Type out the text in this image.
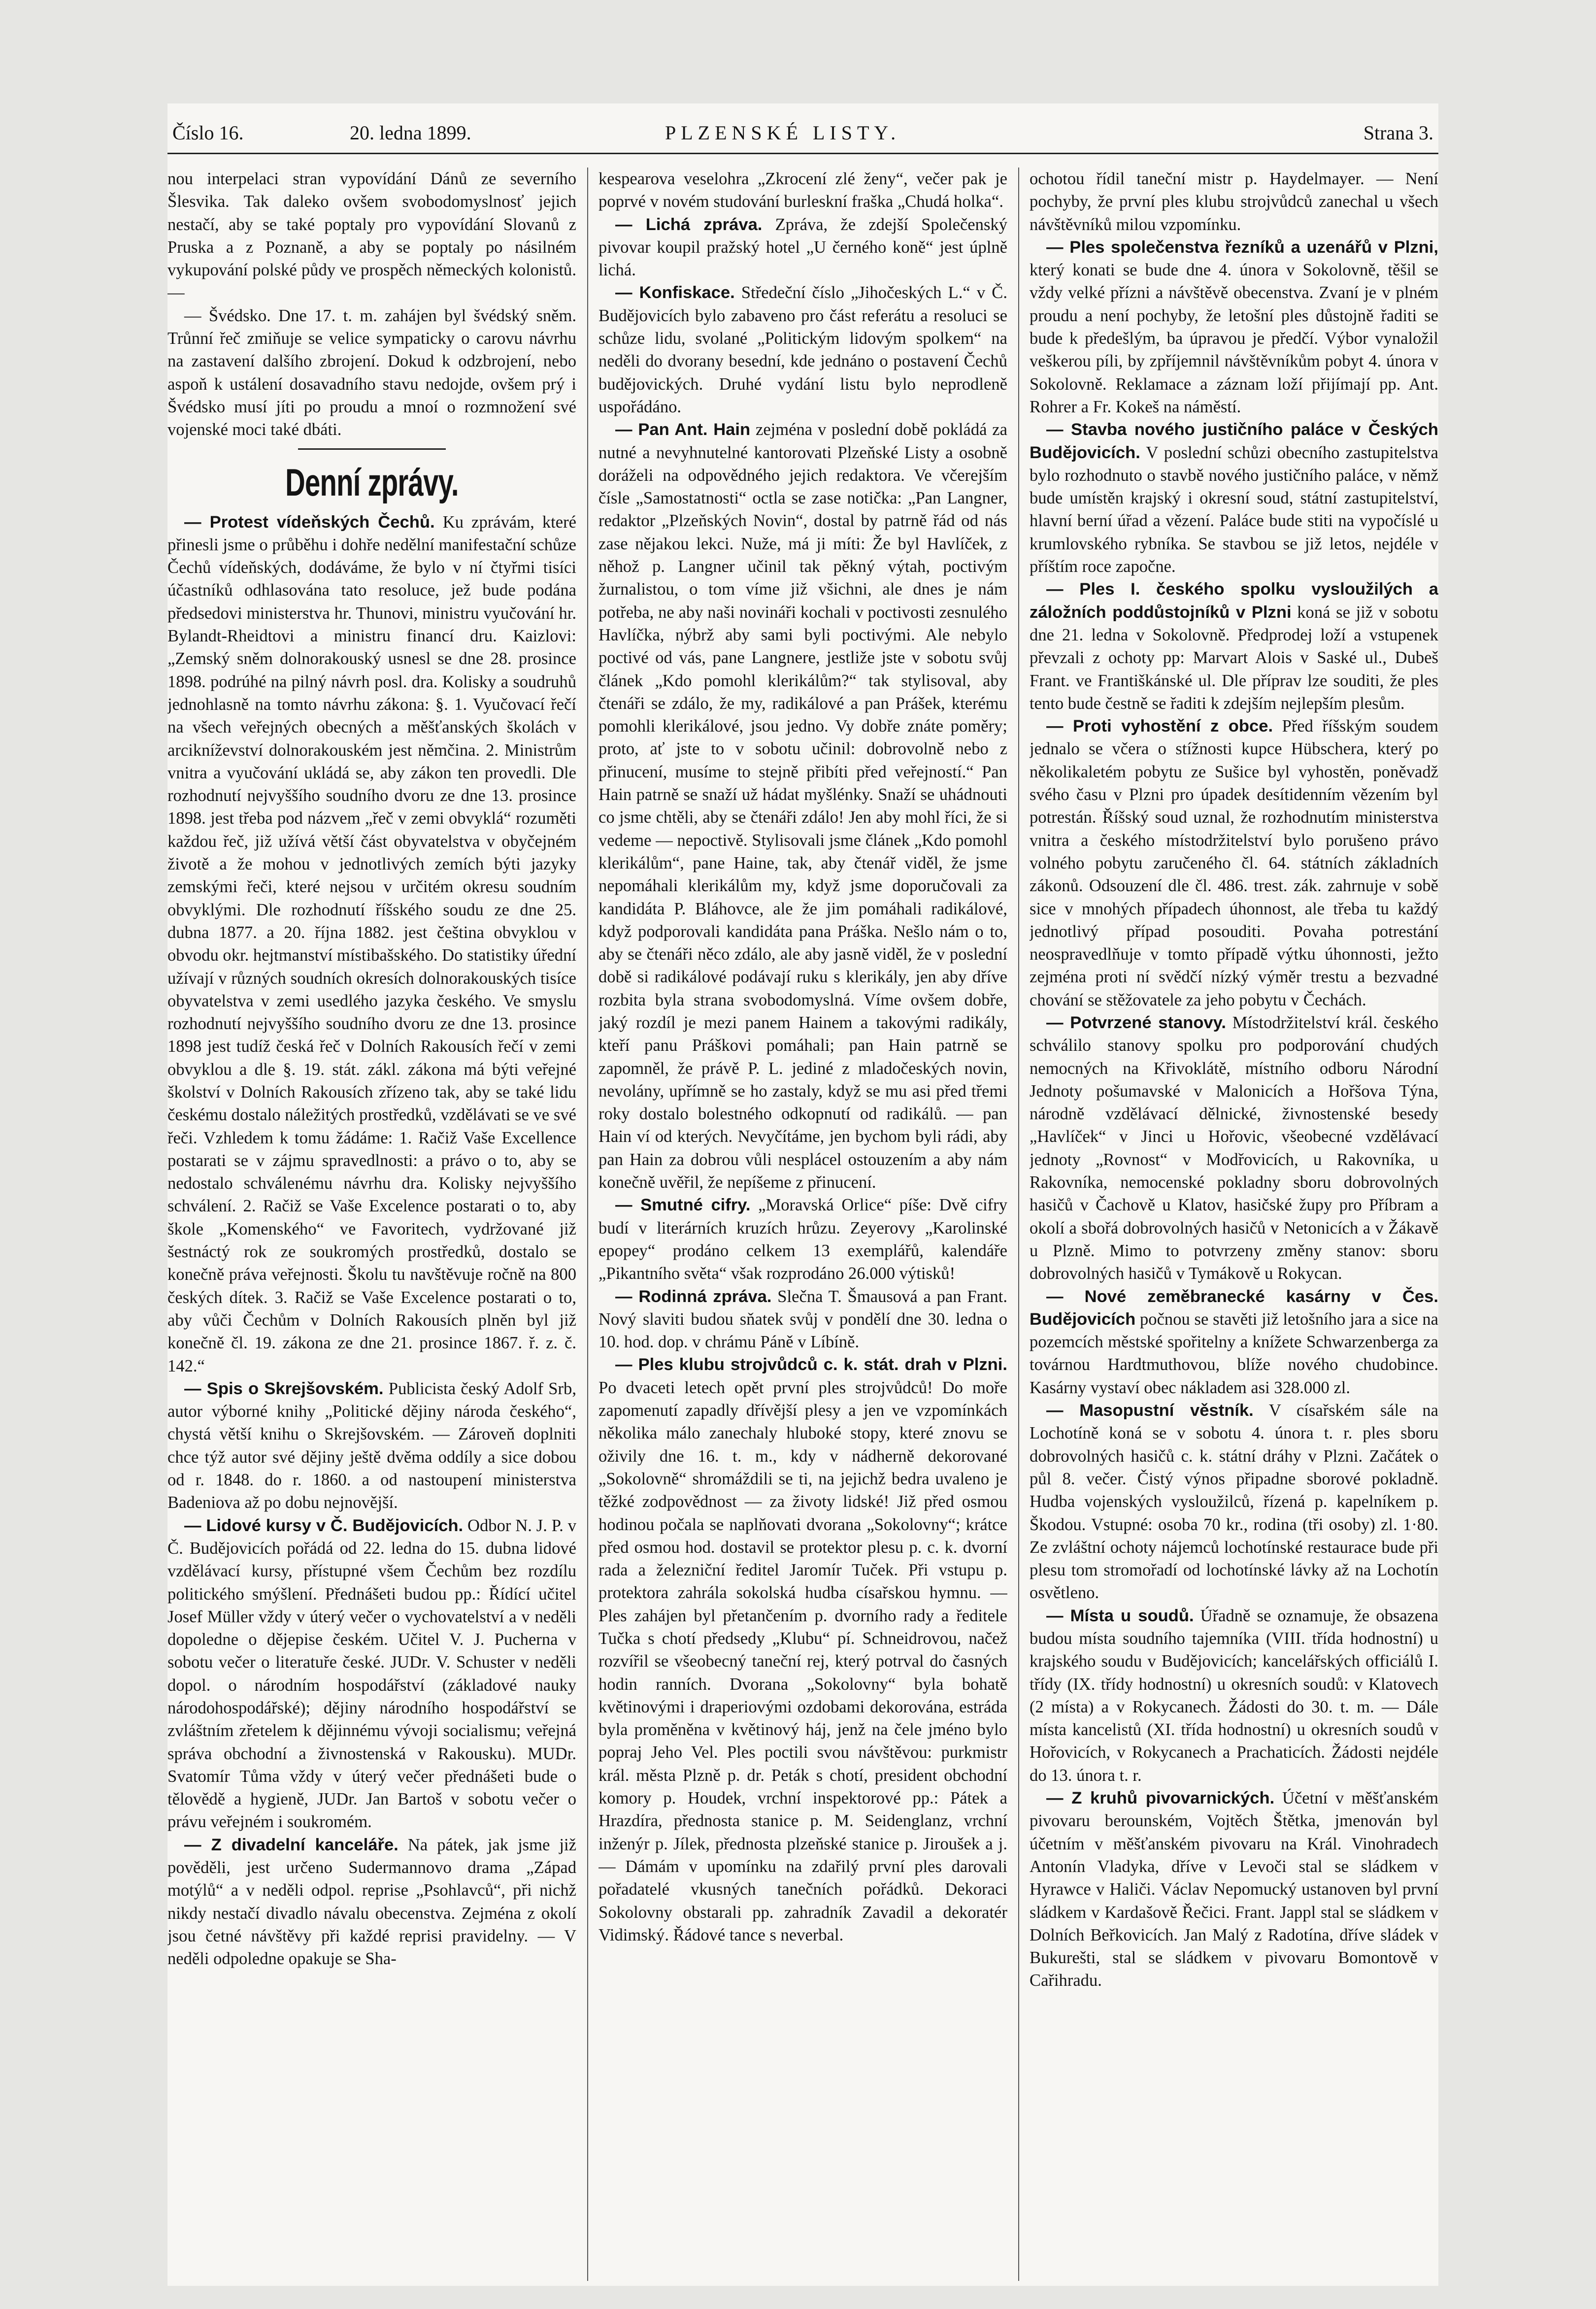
Číslo 16.	20. ledna 1899.	PLZENSKÉ LISTY.	Strana 3.

nou interpelaci stran vypovídání Dánů ze severního Šlesvika. Tak daleko ovšem svobodomyslnosť jejich nestačí, aby se také poptaly pro vypovídání Slovanů z Pruska a z Poznaně, a aby se poptaly po násilném vykupování polské půdy ve prospěch německých kolonistů. —

— Švédsko. Dne 17. t. m. zahájen byl švédský sněm. Trůnní řeč zmiňuje se velice sympaticky o carovu návrhu na zastavení dalšího zbrojení. Dokud k odzbrojení, nebo aspoň k ustálení dosavadního stavu nedojde, ovšem prý i Švédsko musí jíti po proudu a mnoí o rozmnožení své vojenské moci také dbáti.

Denní zprávy.

— Protest vídeňských Čechů. Ku zprávám, které přinesli jsme o průběhu i dohře nedělní manifestační schůze Čechů vídeňských, dodáváme, že bylo v ní čtyřmi tisíci účastníků odhlasována tato resoluce, jež bude podána předsedovi ministerstva hr. Thunovi, ministru vyučování hr. Bylandt-Rheidtovi a ministru financí dru. Kaizlovi: „Zemský sněm dolnorakouský usnesl se dne 28. prosince 1898. podrúhé na pilný návrh posl. dra. Kolisky a soudruhů jednohlasně na tomto návrhu zákona: §. 1. Vyučovací řečí na všech veřejných obecných a měšťanských školách v arcikníževství dolnorakouském jest němčina. 2. Ministrům vnitra a vyučování ukládá se, aby zákon ten provedli. Dle rozhodnutí nejvyššího soudního dvoru ze dne 13. prosince 1898. jest třeba pod názvem „řeč v zemi obvyklá“ rozuměti každou řeč, již užívá větší část obyvatelstva v obyčejném životě a že mohou v jednotlivých zemích býti jazyky zemskými řeči, které nejsou v určitém okresu soudním obvyklými. Dle rozhodnutí říšského soudu ze dne 25. dubna 1877. a 20. října 1882. jest čeština obvyklou v obvodu okr. hejtmanství místibašského. Do statistiky úřední užívají v různých soudních okresích dolnorakouských tisíce obyvatelstva v zemi usedlého jazyka českého. Ve smyslu rozhodnutí nejvyššího soudního dvoru ze dne 13. prosince 1898 jest tudíž česká řeč v Dolních Rakousích řečí v zemi obvyklou a dle §. 19. stát. zákl. zákona má býti veřejné školství v Dolních Rakousích zřízeno tak, aby se také lidu českému dostalo náležitých prostředků, vzdělávati se ve své řeči. Vzhledem k tomu žádáme: 1. Račiž Vaše Excellence postarati se v zájmu spravedlnosti: a právo o to, aby se nedostalo schválenému návrhu dra. Kolisky nejvyššího schválení. 2. Račiž se Vaše Excelence postarati o to, aby škole „Komenského“ ve Favoritech, vydržované již šestnáctý rok ze soukromých prostředků, dostalo se konečně práva veřejnosti. Školu tu navštěvuje ročně na 800 českých dítek. 3. Račiž se Vaše Excelence postarati o to, aby vůči Čechům v Dolních Rakousích plněn byl již konečně čl. 19. zákona ze dne 21. prosince 1867. ř. z. č. 142.“

— Spis o Skrejšovském. Publicista český Adolf Srb, autor výborné knihy „Politické dějiny národa českého“, chystá větší knihu o Skrejšovském. — Zároveň doplniti chce týž autor své dějiny ještě dvěma oddíly a sice dobou od r. 1848. do r. 1860. a od nastoupení ministerstva Badeniova až po dobu nejnovější.

— Lidové kursy v Č. Budějovicích. Odbor N. J. P. v Č. Budějovicích pořádá od 22. ledna do 15. dubna lidové vzdělávací kursy, přístupné všem Čechům bez rozdílu politického smýšlení. Přednášeti budou pp.: Řídící učitel Josef Müller vždy v úterý večer o vychovatelství a v neděli dopoledne o dějepise českém. Učitel V. J. Pucherna v sobotu večer o literatuře české. JUDr. V. Schuster v neděli dopol. o národním hospodářství (základové nauky národohospodářské); dějiny národního hospodářství se zvláštním zřetelem k dějinnému vývoji socialismu; veřejná správa obchodní a živnostenská v Rakousku). MUDr. Svatomír Tůma vždy v úterý večer přednášeti bude o tělovědě a hygieně, JUDr. Jan Bartoš v sobotu večer o právu veřejném i soukromém.

— Z divadelní kanceláře. Na pátek, jak jsme již pověděli, jest určeno Sudermannovo drama „Západ motýlů“ a v neděli odpol. reprise „Psohlavců“, při nichž nikdy nestačí divadlo návalu obecenstva. Zejména z okolí jsou četné návštěvy při každé reprisi pravidelny. — V neděli odpoledne opakuje se Sha-

kespearova veselohra „Zkrocení zlé ženy“, večer pak je poprvé v novém studování burleskní fraška „Chudá holka“.

— Lichá zpráva. Zpráva, že zdejší Společenský pivovar koupil pražský hotel „U černého koně“ jest úplně lichá.

— Konfiskace. Středeční číslo „Jihočeských L.“ v Č. Budějovicích bylo zabaveno pro část referátu a resoluci se schůze lidu, svolané „Politickým lidovým spolkem“ na neděli do dvorany besední, kde jednáno o postavení Čechů budějovických. Druhé vydání listu bylo neprodleně uspořádáno.

— Pan Ant. Hain zejména v poslední době pokládá za nutné a nevyhnutelné kantorovati Plzeňské Listy a osobně doráželi na odpovědného jejich redaktora. Ve včerejším čísle „Samostatnosti“ octla se zase notička: „Pan Langner, redaktor „Plzeňských Novin“, dostal by patrně řád od nás zase nějakou lekci. Nuže, má ji míti: Že byl Havlíček, z něhož p. Langner učinil tak pěkný výtah, poctivým žurnalistou, o tom víme již všichni, ale dnes je nám potřeba, ne aby naši novináři kochali v poctivosti zesnulého Havlíčka, nýbrž aby sami byli poctivými. Ale nebylo poctivé od vás, pane Langnere, jestliže jste v sobotu svůj článek „Kdo pomohl klerikálům?“ tak stylisoval, aby čtenáři se zdálo, že my, radikálové a pan Prášek, kterému pomohli klerikálové, jsou jedno. Vy dobře znáte poměry; proto, ať jste to v sobotu učinil: dobrovolně nebo z přinucení, musíme to stejně přibíti před veřejností.“ Pan Hain patrně se snaží už hádat myšlénky. Snaží se uhádnouti co jsme chtěli, aby se čtenáři zdálo! Jen aby mohl říci, že si vedeme — nepoctivě. Stylisovali jsme článek „Kdo pomohl klerikálům“, pane Haine, tak, aby čtenář viděl, že jsme nepomáhali klerikálům my, když jsme doporučovali za kandidáta P. Bláhovce, ale že jim pomáhali radikálové, když podporovali kandidáta pana Práška. Nešlo nám o to, aby se čtenáři něco zdálo, ale aby jasně viděl, že v poslední době si radikálové podávají ruku s klerikály, jen aby dříve rozbita byla strana svobodomyslná. Víme ovšem dobře, jaký rozdíl je mezi panem Hainem a takovými radikály, kteří panu Práškovi pomáhali; pan Hain patrně se zapomněl, že právě P. L. jediné z mladočeských novin, nevolány, upřímně se ho zastaly, když se mu asi před třemi roky dostalo bolestného odkopnutí od radikálů. — pan Hain ví od kterých. Nevyčítáme, jen bychom byli rádi, aby pan Hain za dobrou vůli nesplácel ostouzením a aby nám konečně uvěřil, že nepíšeme z přinucení.

— Smutné cifry. „Moravská Orlice“ píše: Dvě cifry budí v literárních kruzích hrůzu. Zeyerovy „Karolinské epopey“ prodáno celkem 13 exemplářů, kalendáře „Pikantního světa“ však rozprodáno 26.000 výtisků!

— Rodinná zpráva. Slečna T. Šmausová a pan Frant. Nový slaviti budou sňatek svůj v pondělí dne 30. ledna o 10. hod. dop. v chrámu Páně v Líbíně.

— Ples klubu strojvůdců c. k. stát. drah v Plzni. Po dvaceti letech opět první ples strojvůdců! Do moře zapomenutí zapadly dřívější plesy a jen ve vzpomínkách několika málo zanechaly hluboké stopy, které znovu se oživily dne 16. t. m., kdy v nádherně dekorované „Sokolovně“ shromáždili se ti, na jejichž bedra uvaleno je těžké zodpovědnost — za životy lidské! Již před osmou hodinou počala se naplňovati dvorana „Sokolovny“; krátce před osmou hod. dostavil se protektor plesu p. c. k. dvorní rada a železniční ředitel Jaromír Tuček. Při vstupu p. protektora zahrála sokolská hudba císařskou hymnu. — Ples zahájen byl přetančením p. dvorního rady a ředitele Tučka s chotí předsedy „Klubu“ pí. Schneidrovou, načež rozvířil se všeobecný taneční rej, který potrval do časných hodin ranních. Dvorana „Sokolovny“ byla bohatě květinovými i draperiovými ozdobami dekorována, estráda byla proměněna v květinový háj, jenž na čele jméno bylo popraj Jeho Vel. Ples poctili svou návštěvou: purkmistr král. města Plzně p. dr. Peták s chotí, president obchodní komory p. Houdek, vrchní inspektorové pp.: Pátek a Hrazdíra, přednosta stanice p. M. Seidenglanz, vrchní inženýr p. Jílek, přednosta plzeňské stanice p. Jiroušek a j. — Dámám v upomínku na zdařilý první ples darovali pořadatelé vkusných tanečních pořádků. Dekoraci Sokolovny obstarali pp. zahradník Zavadil a dekoratér Vidimský. Řádové tance s neverbal.

ochotou řídil taneční mistr p. Haydelmayer. — Není pochyby, že první ples klubu strojvůdců zanechal u všech návštěvníků milou vzpomínku.

— Ples společenstva řezníků a uzenářů v Plzni, který konati se bude dne 4. února v Sokolovně, těšil se vždy velké přízni a návštěvě obecenstva. Zvaní je v plném proudu a není pochyby, že letošní ples důstojně řaditi se bude k předešlým, ba úpravou je předčí. Výbor vynaložil veškerou píli, by zpříjemnil návštěvníkům pobyt 4. února v Sokolovně. Reklamace a záznam loží přijímají pp. Ant. Rohrer a Fr. Kokeš na náměstí.

— Stavba nového justičního paláce v Českých Budějovicích. V poslední schůzi obecního zastupitelstva bylo rozhodnuto o stavbě nového justičního paláce, v němž bude umístěn krajský i okresní soud, státní zastupitelství, hlavní berní úřad a vězení. Paláce bude stiti na vypočíslé u krumlovského rybníka. Se stavbou se již letos, nejdéle v příštím roce započne.

— Ples I. českého spolku vysloužilých a záložních poddůstojníků v Plzni koná se již v sobotu dne 21. ledna v Sokolovně. Předprodej loží a vstupenek převzali z ochoty pp: Marvart Alois v Saské ul., Dubeš Frant. ve Františkánské ul. Dle příprav lze souditi, že ples tento bude čestně se řaditi k zdejším nejlepším plesům.

— Proti vyhostění z obce. Před říšským soudem jednalo se včera o stížnosti kupce Hübschera, který po několikaletém pobytu ze Sušice byl vyhostěn, poněvadž svého času v Plzni pro úpadek desítidenním vězením byl potrestán. Říšský soud uznal, že rozhodnutím ministerstva vnitra a českého místodržitelství bylo porušeno právo volného pobytu zaručeného čl. 64. státních základních zákonů. Odsouzení dle čl. 486. trest. zák. zahrnuje v sobě sice v mnohých případech úhonnost, ale třeba tu každý jednotlivý případ posouditi. Povaha potrestání neospravedlňuje v tomto případě výtku úhonnosti, ježto zejména proti ní svědčí nízký výměr trestu a bezvadné chování se stěžovatele za jeho pobytu v Čechách.

— Potvrzené stanovy. Místodržitelství král. českého schválilo stanovy spolku pro podporování chudých nemocných na Křivoklátě, místního odboru Národní Jednoty pošumavské v Malonicích a Hořšova Týna, národně vzdělávací dělnické, živnostenské besedy „Havlíček“ v Jinci u Hořovic, všeobecné vzdělávací jednoty „Rovnost“ v Modřovicích, u Rakovníka, u Rakovníka, nemocenské pokladny sboru dobrovolných hasičů v Čachově u Klatov, hasičské župy pro Příbram a okolí a sbořá dobrovolných hasičů v Netonicích a v Žákavě u Plzně. Mimo to potvrzeny změny stanov: sboru dobrovolných hasičů v Tymákově u Rokycan.

— Nové zeměbranecké kasárny v Čes. Budějovicích počnou se stavěti již letošního jara a sice na pozemcích městské spořitelny a knížete Schwarzenberga za továrnou Hardtmuthovou, blíže nového chudobince. Kasárny vystaví obec nákladem asi 328.000 zl.

— Masopustní věstník. V císařském sále na Lochotíně koná se v sobotu 4. února t. r. ples sboru dobrovolných hasičů c. k. státní dráhy v Plzni. Začátek o půl 8. večer. Čistý výnos připadne sborové pokladně. Hudba vojenských vysloužilců, řízená p. kapelníkem p. Škodou. Vstupné: osoba 70 kr., rodina (tři osoby) zl. 1·80. Ze zvláštní ochoty nájemců lochotínské restaurace bude při plesu tom stromořadí od lochotínské lávky až na Lochotín osvětleno.

— Místa u soudů. Úřadně se oznamuje, že obsazena budou místa soudního tajemníka (VIII. třída hodnostní) u krajského soudu v Budějovicích; kancelářských officiálů I. třídy (IX. třídy hodnostní) u okresních soudů: v Klatovech (2 místa) a v Rokycanech. Žádosti do 30. t. m. — Dále místa kancelistů (XI. třída hodnostní) u okresních soudů v Hořovicích, v Rokycanech a Prachaticích. Žádosti nejdéle do 13. února t. r.

— Z kruhů pivovarnických. Účetní v měšťanském pivovaru berounském, Vojtěch Štětka, jmenován byl účetním v měšťanském pivovaru na Král. Vinohradech Antonín Vladyka, dříve v Levoči stal se sládkem v Hyrawce v Haliči. Václav Nepomucký ustanoven byl první sládkem v Kardašově Řečici. Frant. Jappl stal se sládkem v Dolních Beřkovicích. Jan Malý z Radotína, dříve sládek v Bukurešti, stal se sládkem v pivovaru Bomontově v Cařihradu.
